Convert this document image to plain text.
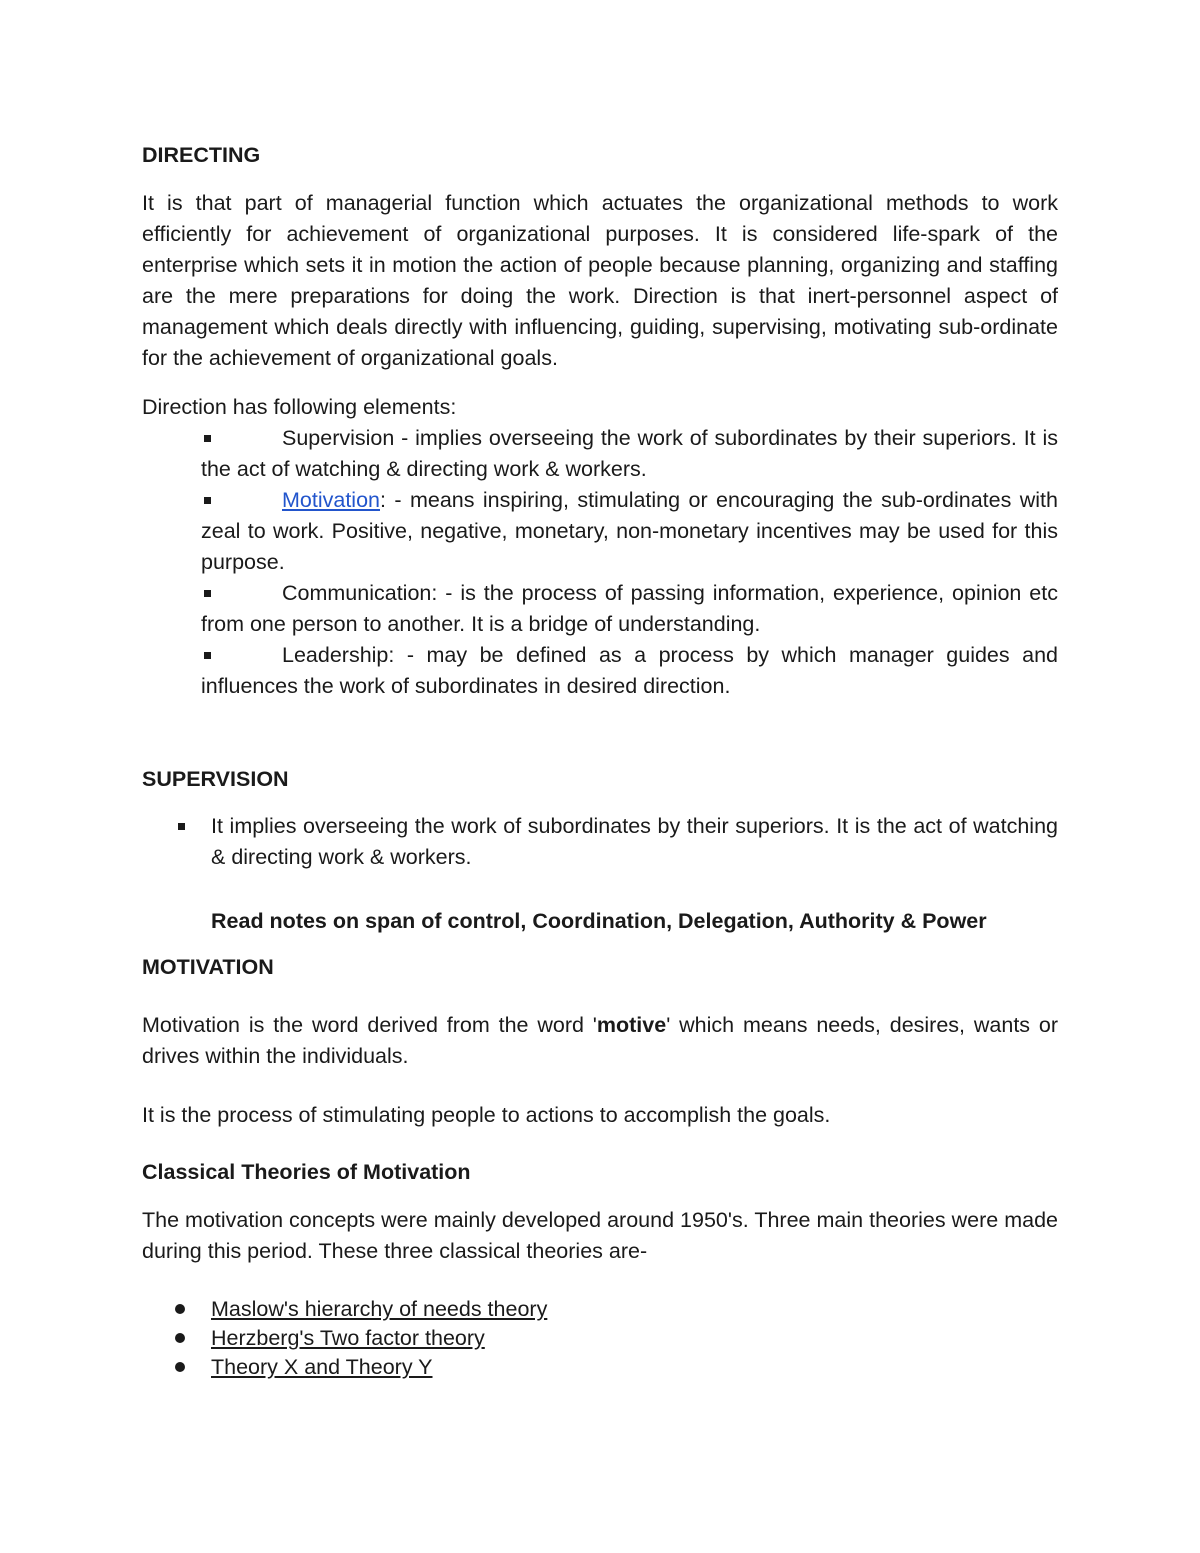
DIRECTING

It is that part of managerial function which actuates the organizational methods to work efficiently for achievement of organizational purposes. It is considered life-spark of the enterprise which sets it in motion the action of people because planning, organizing and staffing are the mere preparations for doing the work. Direction is that inert-personnel aspect of management which deals directly with influencing, guiding, supervising, motivating sub-ordinate for the achievement of organizational goals.

Direction has following elements:

Supervision - implies overseeing the work of subordinates by their superiors. It is the act of watching & directing work & workers.
Motivation: - means inspiring, stimulating or encouraging the sub-ordinates with zeal to work. Positive, negative, monetary, non-monetary incentives may be used for this purpose.
Communication: - is the process of passing information, experience, opinion etc from one person to another. It is a bridge of understanding.
Leadership: - may be defined as a process by which manager guides and influences the work of subordinates in desired direction.
SUPERVISION
It implies overseeing the work of subordinates by their superiors. It is the act of watching & directing work & workers.

Read notes on span of control, Coordination, Delegation, Authority & Power

MOTIVATION

Motivation is the word derived from the word 'motive' which means needs, desires, wants or drives within the individuals.

It is the process of stimulating people to actions to accomplish the goals.

Classical Theories of Motivation

The motivation concepts were mainly developed around 1950's. Three main theories were made during this period. These three classical theories are-

Maslow's hierarchy of needs theory
Herzberg's Two factor theory
Theory X and Theory Y
